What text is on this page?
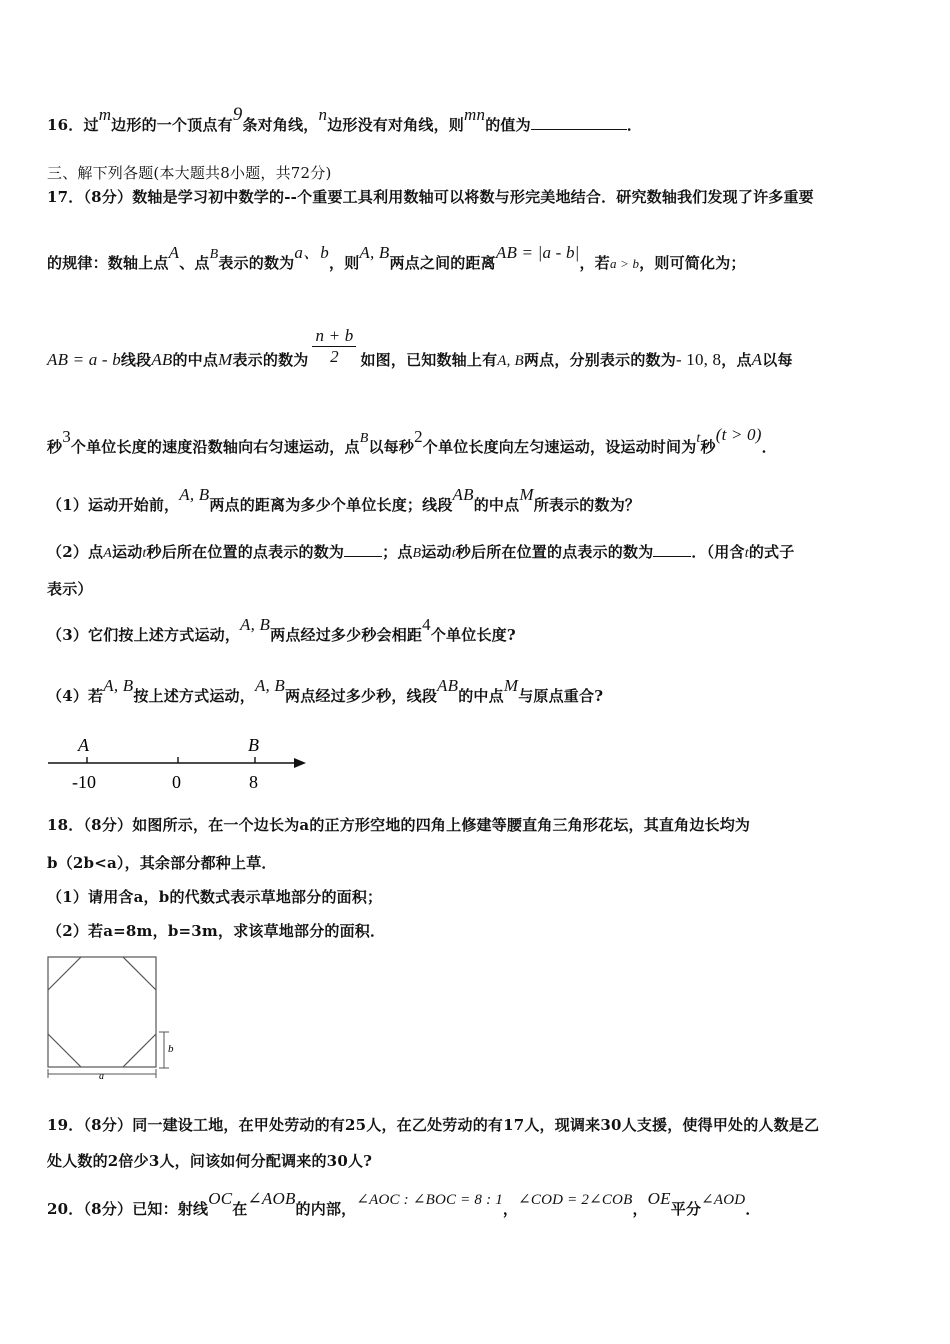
16．过m边形的一个顶点有9条对角线，n边形没有对角线，则mn的值为	．
三、解下列各题(本大题共8小题，共72分)
17．（8分）数轴是学习初中数学的--个重要工具利用数轴可以将数与形完美地结合．研究数轴我们发现了许多重要
的规律：数轴上点A、点B表示的数为a、b，则A, B两点之间的距离AB = |a - b|，若a > b，则可简化为；
AB = a - b线段AB的中点M表示的数为 $\frac{n + b}{2}$ 如图，已知数轴上有A, B两点，分别表示的数为- 10, 8，点A以每
秒3个单位长度的速度沿数轴向右匀速运动，点B以每秒2个单位长度向左匀速运动，设运动时间为t秒(t > 0)．
（1）运动开始前，A, B两点的距离为多少个单位长度；线段AB的中点M所表示的数为？
（2）点A运动t秒后所在位置的点表示的数为	；点B运动t秒后所在位置的点表示的数为	．（用含t的式子
表示）
（3）它们按上述方式运动，A, B两点经过多少秒会相距4个单位长度?
（4）若A, B按上述方式运动，A, B两点经过多少秒，线段AB的中点M与原点重合?
A	B
-10	0	8
18．（8分）如图所示，在一个边长为a的正方形空地的四角上修建等腰直角三角形花坛，其直角边长均为
b（2b<a），其余部分都种上草．
（1）请用含a，b的代数式表示草地部分的面积；
（2）若a=8m，b=3m，求该草地部分的面积．
b
a
19．（8分）同一建设工地，在甲处劳动的有25人，在乙处劳动的有17人，现调来30人支援，使得甲处的人数是乙
处人数的2倍少3人，问该如何分配调来的30人?
20．（8分）已知：射线OC在∠AOB的内部，∠AOC : ∠BOC = 8 : 1，∠COD = 2∠COB，OE平分∠AOD．
